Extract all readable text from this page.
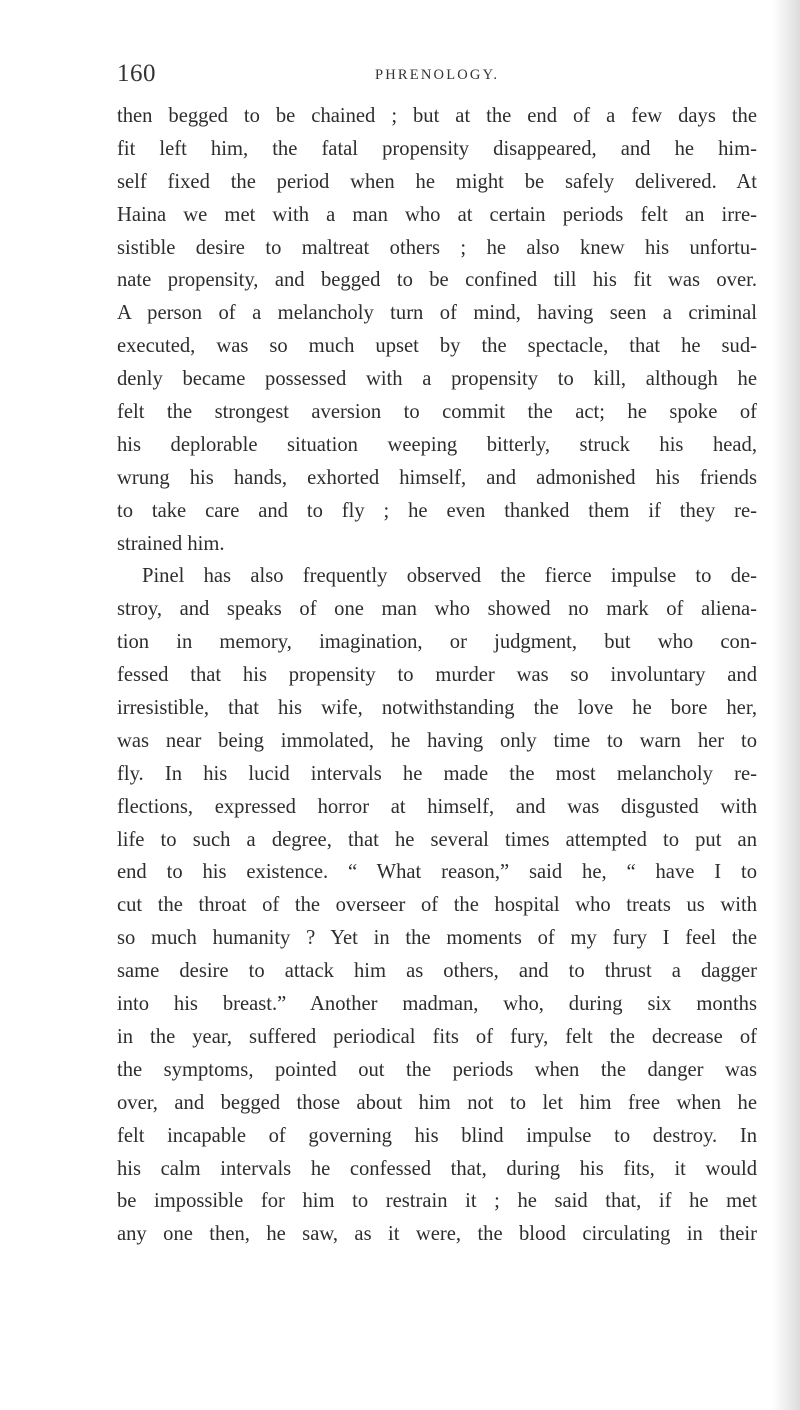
160	PHRENOLOGY.
then begged to be chained ; but at the end of a few days the
fit left him, the fatal propensity disappeared, and he him-
self fixed the period when he might be safely delivered. At
Haina we met with a man who at certain periods felt an irre-
sistible desire to maltreat others ; he also knew his unfortu-
nate propensity, and begged to be confined till his fit was over.
A person of a melancholy turn of mind, having seen a criminal
executed, was so much upset by the spectacle, that he sud-
denly became possessed with a propensity to kill, although he
felt the strongest aversion to commit the act; he spoke of
his deplorable situation weeping bitterly, struck his head,
wrung his hands, exhorted himself, and admonished his friends
to take care and to fly ; he even thanked them if they re-
strained him.
Pinel has also frequently observed the fierce impulse to de-
stroy, and speaks of one man who showed no mark of aliena-
tion in memory, imagination, or judgment, but who con-
fessed that his propensity to murder was so involuntary and
irresistible, that his wife, notwithstanding the love he bore her,
was near being immolated, he having only time to warn her to
fly. In his lucid intervals he made the most melancholy re-
flections, expressed horror at himself, and was disgusted with
life to such a degree, that he several times attempted to put an
end to his existence. “ What reason,” said he, “ have I to
cut the throat of the overseer of the hospital who treats us with
so much humanity ? Yet in the moments of my fury I feel the
same desire to attack him as others, and to thrust a dagger
into his breast.” Another madman, who, during six months
in the year, suffered periodical fits of fury, felt the decrease of
the symptoms, pointed out the periods when the danger was
over, and begged those about him not to let him free when he
felt incapable of governing his blind impulse to destroy. In
his calm intervals he confessed that, during his fits, it would
be impossible for him to restrain it ; he said that, if he met
any one then, he saw, as it were, the blood circulating in their
